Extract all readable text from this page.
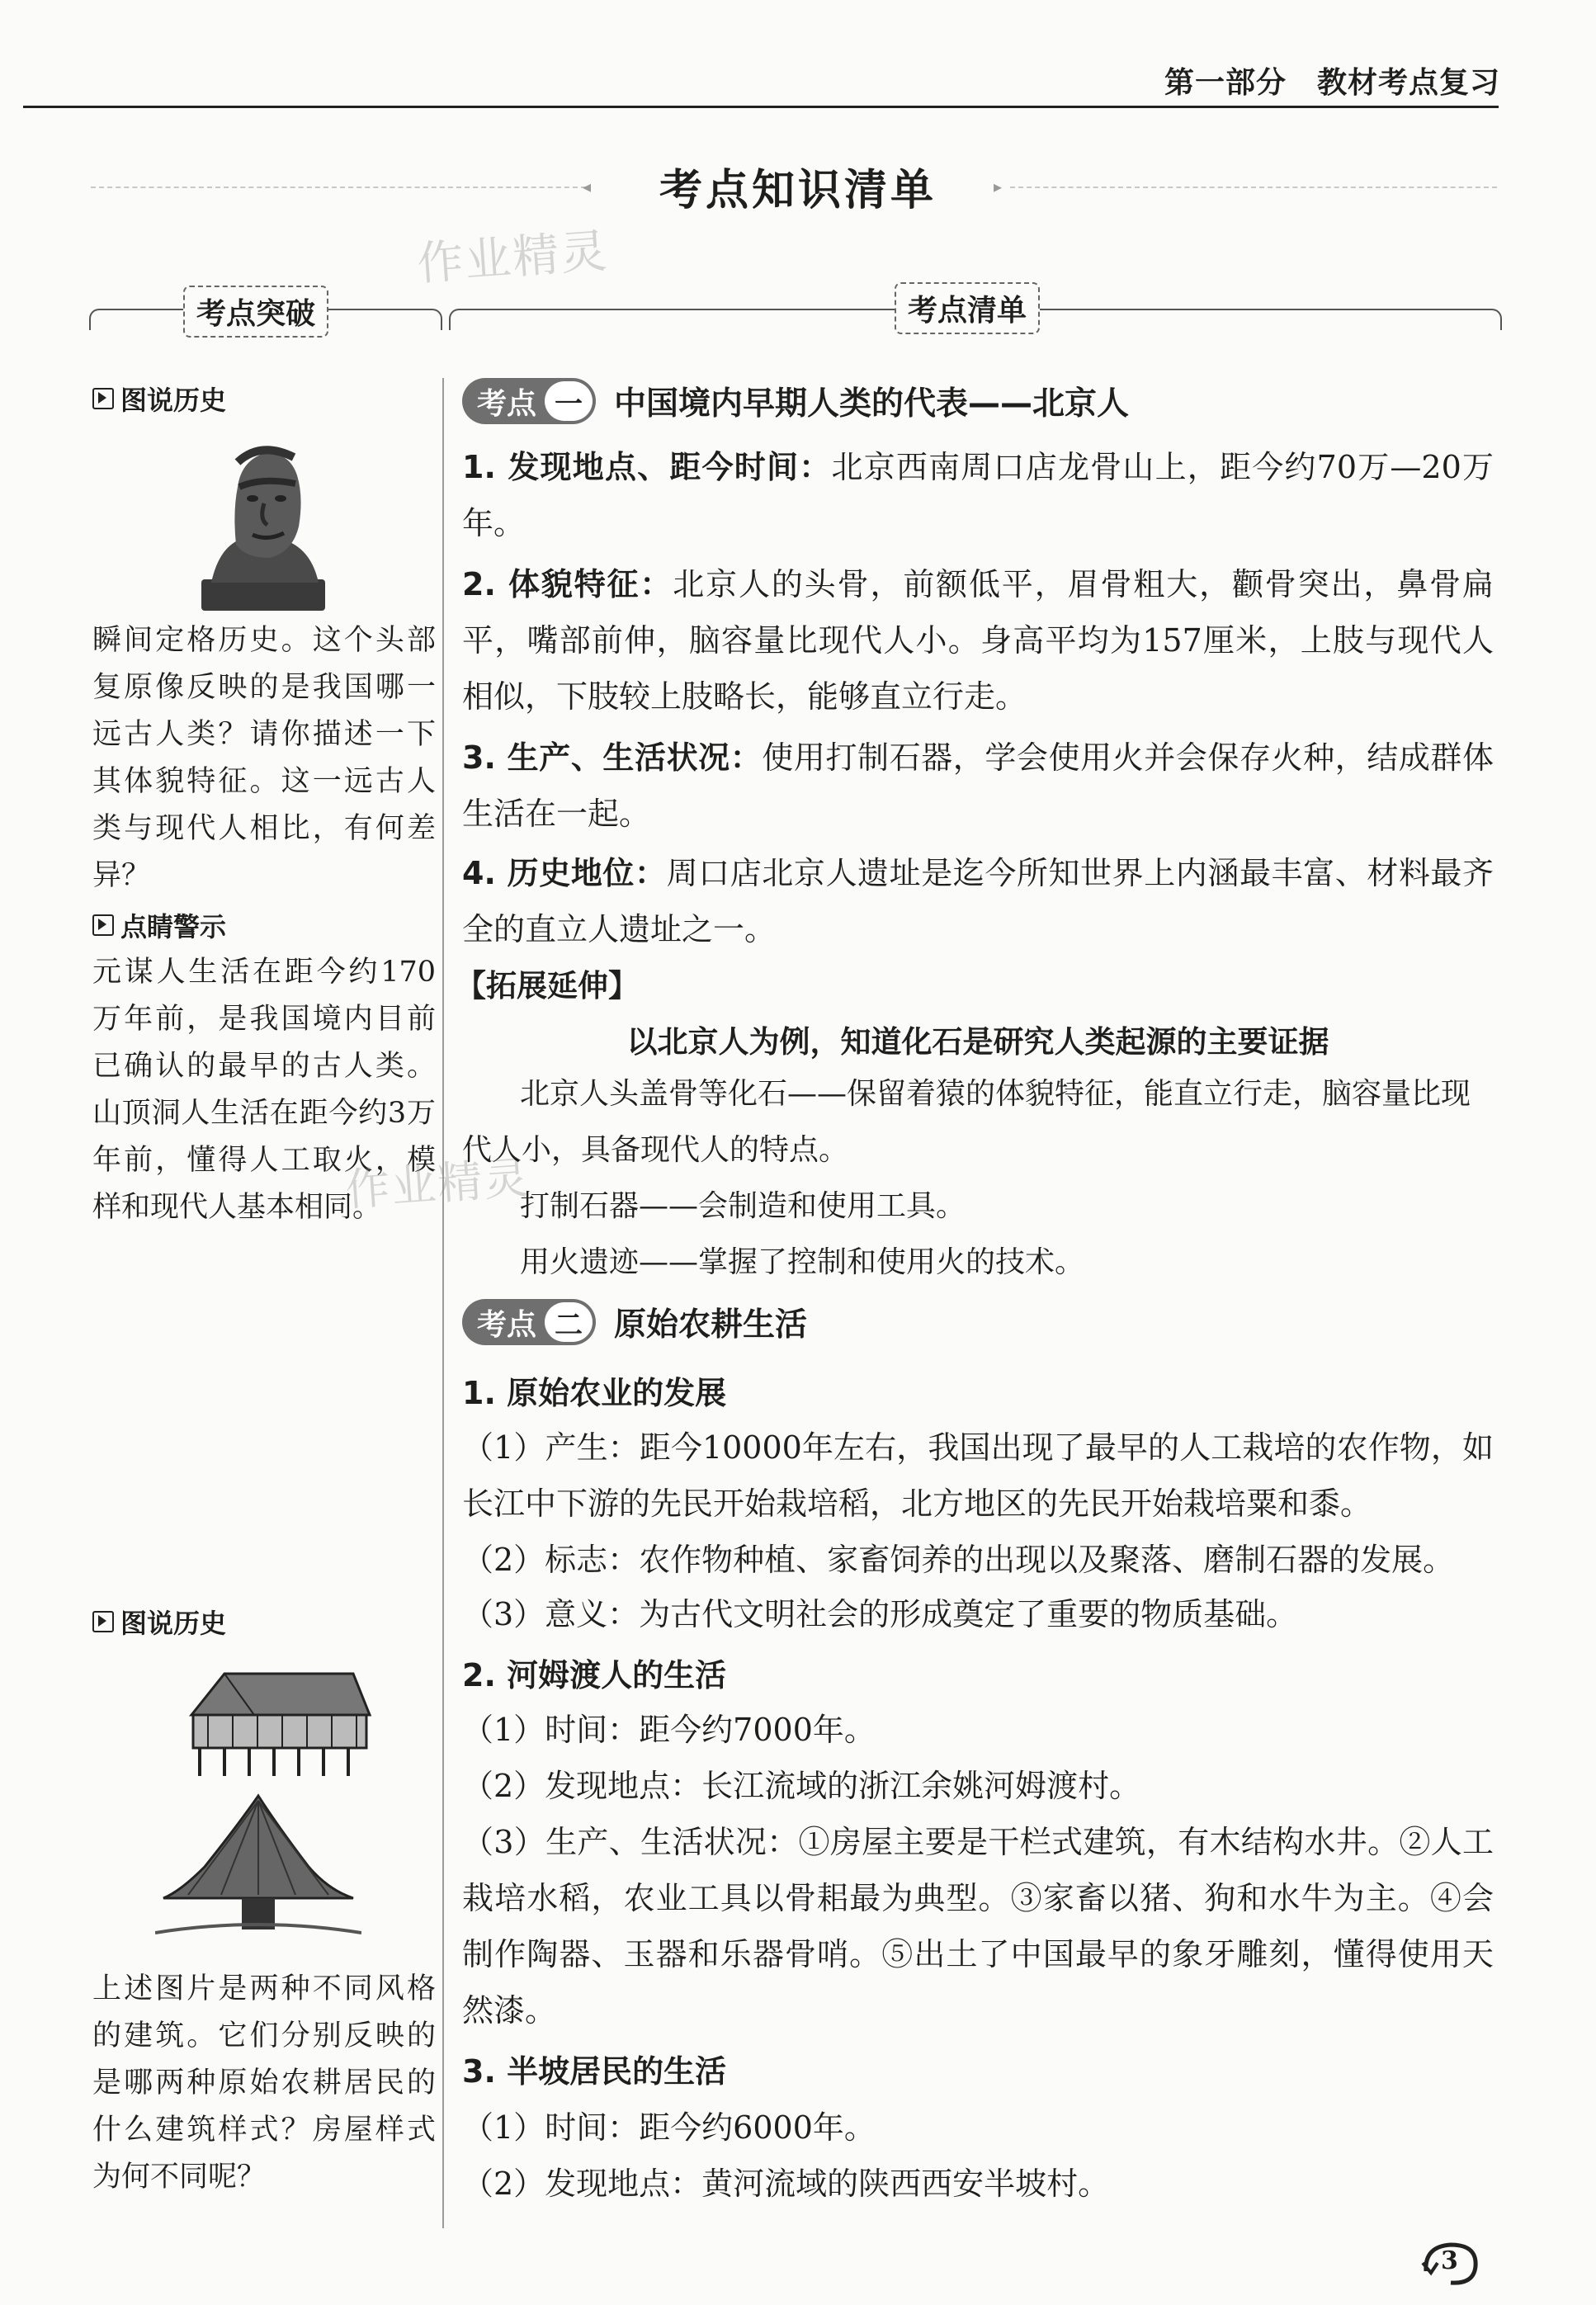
第一部分　教材考点复习
◂	考点知识清单	▸
作业精灵
考点突破	考点清单
图说历史
瞬间定格历史。这个头部复原像反映的是我国哪一远古人类？请你描述一下其体貌特征。这一远古人类与现代人相比，有何差异？
点睛警示
元谋人生活在距今约170万年前，是我国境内目前已确认的最早的古人类。山顶洞人生活在距今约3万年前，懂得人工取火，模样和现代人基本相同。
作业精灵
图说历史
上述图片是两种不同风格的建筑。它们分别反映的是哪两种原始农耕居民的什么建筑样式？房屋样式为何不同呢？
考点 一 中国境内早期人类的代表——北京人
1. 发现地点、距今时间：北京西南周口店龙骨山上，距今约70万—20万年。
2. 体貌特征：北京人的头骨，前额低平，眉骨粗大，颧骨突出，鼻骨扁平，嘴部前伸，脑容量比现代人小。身高平均为157厘米，上肢与现代人相似，下肢较上肢略长，能够直立行走。
3. 生产、生活状况：使用打制石器，学会使用火并会保存火种，结成群体生活在一起。
4. 历史地位：周口店北京人遗址是迄今所知世界上内涵最丰富、材料最齐全的直立人遗址之一。
【拓展延伸】
以北京人为例，知道化石是研究人类起源的主要证据
北京人头盖骨等化石——保留着猿的体貌特征，能直立行走，脑容量比现代人小，具备现代人的特点。
打制石器——会制造和使用工具。
用火遗迹——掌握了控制和使用火的技术。
考点 二 原始农耕生活
1. 原始农业的发展
（1）产生：距今10000年左右，我国出现了最早的人工栽培的农作物，如长江中下游的先民开始栽培稻，北方地区的先民开始栽培粟和黍。
（2）标志：农作物种植、家畜饲养的出现以及聚落、磨制石器的发展。
（3）意义：为古代文明社会的形成奠定了重要的物质基础。
2. 河姆渡人的生活
（1）时间：距今约7000年。
（2）发现地点：长江流域的浙江余姚河姆渡村。
（3）生产、生活状况：①房屋主要是干栏式建筑，有木结构水井。②人工栽培水稻，农业工具以骨耜最为典型。③家畜以猪、狗和水牛为主。④会制作陶器、玉器和乐器骨哨。⑤出土了中国最早的象牙雕刻，懂得使用天然漆。
3. 半坡居民的生活
（1）时间：距今约6000年。
（2）发现地点：黄河流域的陕西西安半坡村。
3
